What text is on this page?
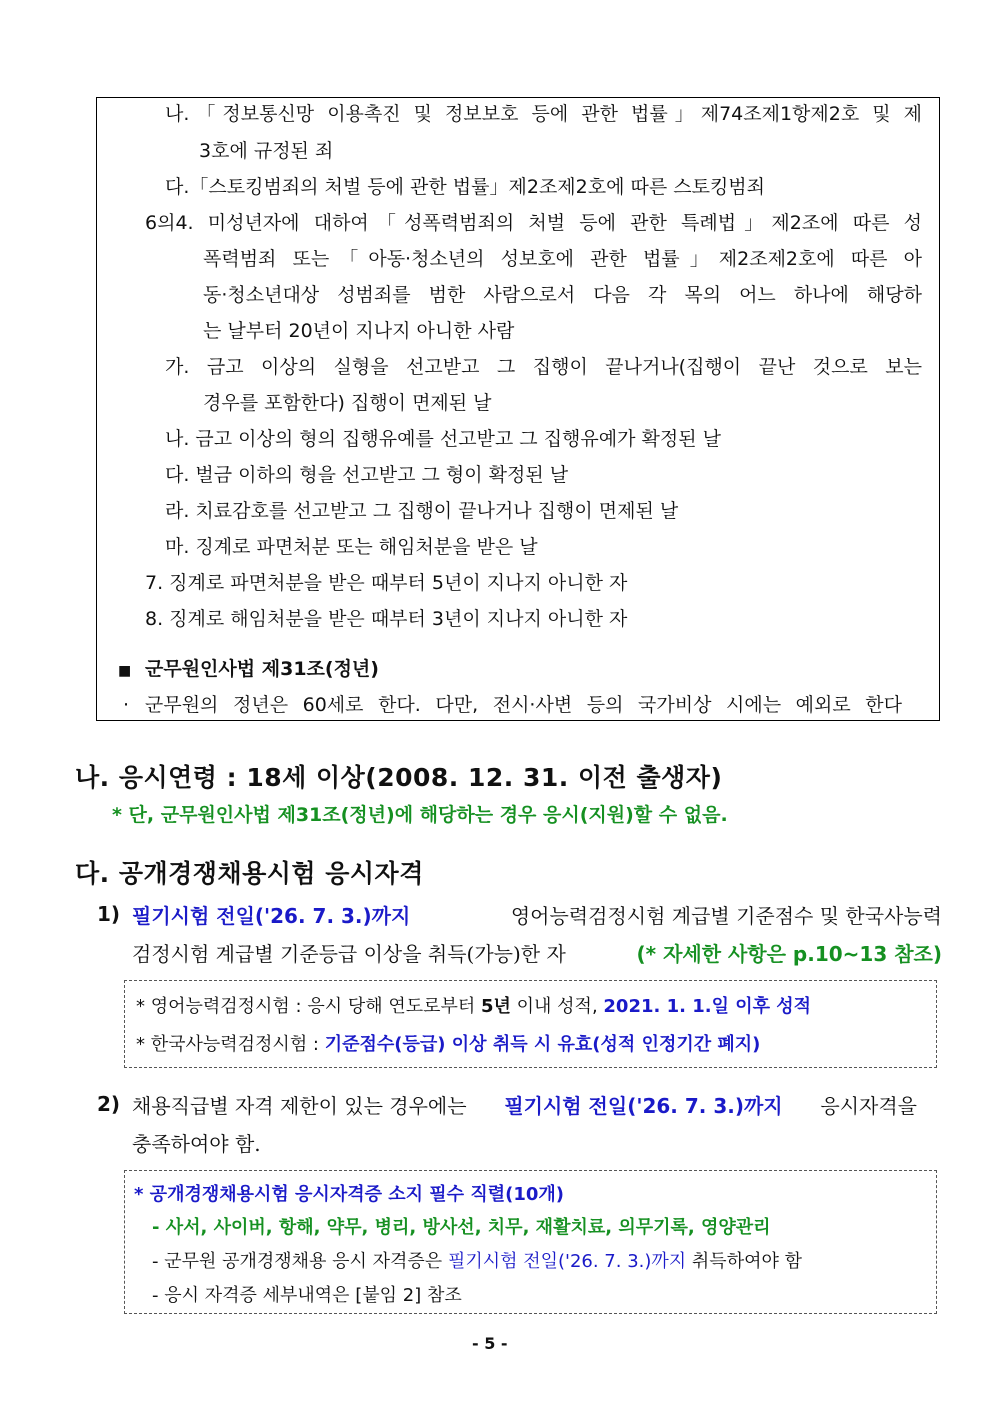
나.「정보통신망 이용촉진 및 정보보호 등에 관한 법률」제74조제1항제2호 및 제
3호에 규정된 죄
다.「스토킹범죄의 처벌 등에 관한 법률」제2조제2호에 따른 스토킹범죄
6의4. 미성년자에 대하여「성폭력범죄의 처벌 등에 관한 특례법」제2조에 따른 성
폭력범죄 또는「아동·청소년의 성보호에 관한 법률」제2조제2호에 따른 아
동·청소년대상 성범죄를 범한 사람으로서 다음 각 목의 어느 하나에 해당하
는 날부터 20년이 지나지 아니한 사람
가. 금고 이상의 실형을 선고받고 그 집행이 끝나거나(집행이 끝난 것으로 보는
경우를 포함한다) 집행이 면제된 날
나. 금고 이상의 형의 집행유예를 선고받고 그 집행유예가 확정된 날
다. 벌금 이하의 형을 선고받고 그 형이 확정된 날
라. 치료감호를 선고받고 그 집행이 끝나거나 집행이 면제된 날
마. 징계로 파면처분 또는 해임처분을 받은 날
7. 징계로 파면처분을 받은 때부터 5년이 지나지 아니한 자
8. 징계로 해임처분을 받은 때부터 3년이 지나지 아니한 자
■ 군무원인사법 제31조(정년)
· 군무원의 정년은 60세로 한다. 다만, 전시·사변 등의 국가비상 시에는 예외로 한다
나. 응시연령 : 18세 이상(2008. 12. 31. 이전 출생자)
* 단, 군무원인사법 제31조(정년)에 해당하는 경우 응시(지원)할 수 없음.
다. 공개경쟁채용시험 응시자격
1) 필기시험 전일('26. 7. 3.)까지	영어능력검정시험 계급별 기준점수 및 한국사능력
검정시험 계급별 기준등급 이상을 취득(가능)한 자	(* 자세한 사항은 p.10~13 참조)
* 영어능력검정시험 : 응시 당해 연도로부터 5년 이내 성적, 2021. 1. 1.일 이후 성적
* 한국사능력검정시험 : 기준점수(등급) 이상 취득 시 유효(성적 인정기간 폐지)
2) 채용직급별 자격 제한이 있는 경우에는 필기시험 전일('26. 7. 3.)까지 응시자격을
충족하여야 함.
* 공개경쟁채용시험 응시자격증 소지 필수 직렬(10개)
- 사서, 사이버, 항해, 약무, 병리, 방사선, 치무, 재활치료, 의무기록, 영양관리
- 군무원 공개경쟁채용 응시 자격증은 필기시험 전일('26. 7. 3.)까지 취득하여야 함
- 응시 자격증 세부내역은 [붙임 2] 참조
- 5 -
